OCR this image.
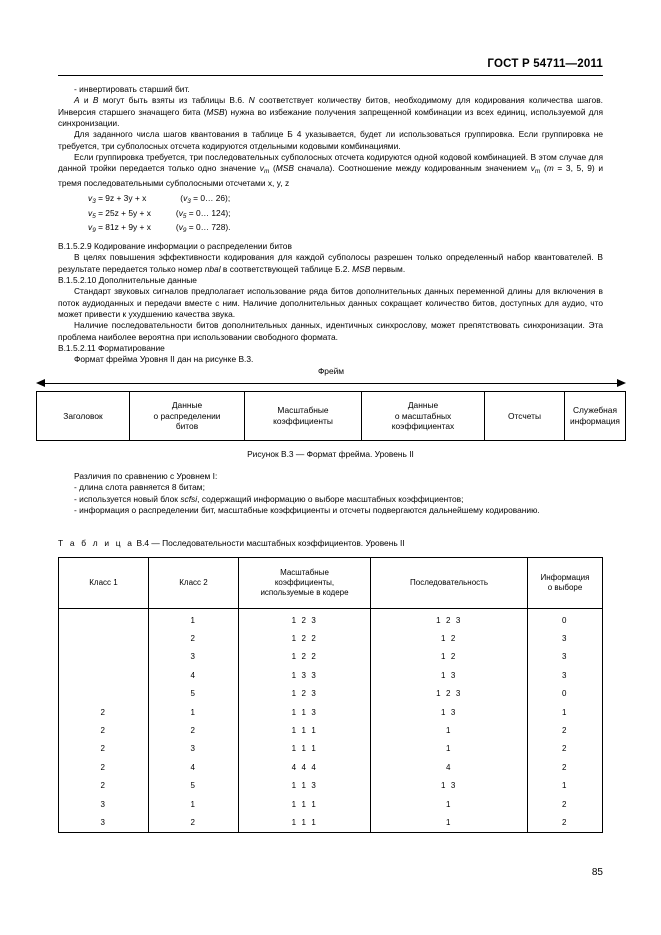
ГОСТ Р 54711—2011

- инвертировать старший бит.

A и B могут быть взяты из таблицы В.6. N соответствует количеству битов, необходимому для кодирования количества шагов. Инверсия старшего значащего бита (MSB) нужна во избежание получения запрещенной комбинации из всех единиц, используемой для синхронизации.

Для заданного числа шагов квантования в таблице Б 4 указывается, будет ли использоваться группировка. Если группировка не требуется, три субполосных отсчета кодируются отдельными кодовыми комбинациями.

Если группировка требуется, три последовательных субполосных отсчета кодируются одной кодовой комбинацией. В этом случае для данной тройки передается только одно значение $v_m$ (MSB сначала). Соотношение между кодированным значением $v_m$ (m = 3, 5, 9) и тремя последовательными субполосными отсчетами x, y, z

$v_3 = 9z + 3y + x$	($v_3$ = 0… 26);
$v_5 = 25z + 5y + x$	($v_5$ = 0… 124);
$v_9 = 81z + 9y + x$	($v_9$ = 0… 728).

В.1.5.2.9 Кодирование информации о распределении битов

В целях повышения эффективности кодирования для каждой субполосы разрешен только определенный набор квантователей. В результате передается только номер nbal в соответствующей таблице Б.2. MSB первым.

В.1.5.2.10 Дополнительные данные

Стандарт звуковых сигналов предполагает использование ряда битов дополнительных данных переменной длины для включения в поток аудиоданных и передачи вместе с ним. Наличие дополнительных данных сокращает количество битов, доступных для аудио, что может привести к ухудшению качества звука.

Наличие последовательности битов дополнительных данных, идентичных синхрослову, может препятствовать синхронизации. Эта проблема наиболее вероятна при использовании свободного формата.

В.1.5.2.11 Форматирование

Формат фрейма Уровня II дан на рисунке В.3.

Фрейм
Заголовок	Данные
о распределении
битов	Масштабные
коэффициенты	Данные
о масштабных
коэффициентах	Отсчеты	Служебная
информация
Рисунок В.3 — Формат фрейма. Уровень II

Различия по сравнению с Уровнем I:

- длина слота равняется 8 битам;

- используется новый блок scfsi, содержащий информацию о выборе масштабных коэффициентов;

- информация о распределении бит, масштабные коэффициенты и отсчеты подвергаются дальнейшему кодированию.

Т а б л и ц а В.4 — Последовательности масштабных коэффициентов. Уровень II
Класс 1	Класс 2	Масштабные
коэффициенты,
используемые в кодере	Последовательность	Информация
о выборе
	1	1 2 3	1 2 3	0
	2	1 2 2	1 2	3
	3	1 2 2	1 2	3
	4	1 3 3	1 3	3
	5	1 2 3	1 2 3	0
2	1	1 1 3	1 3	1
2	2	1 1 1	1	2
2	3	1 1 1	1	2
2	4	4 4 4	4	2
2	5	1 1 3	1 3	1
3	1	1 1 1	1	2
3	2	1 1 1	1	2
85
